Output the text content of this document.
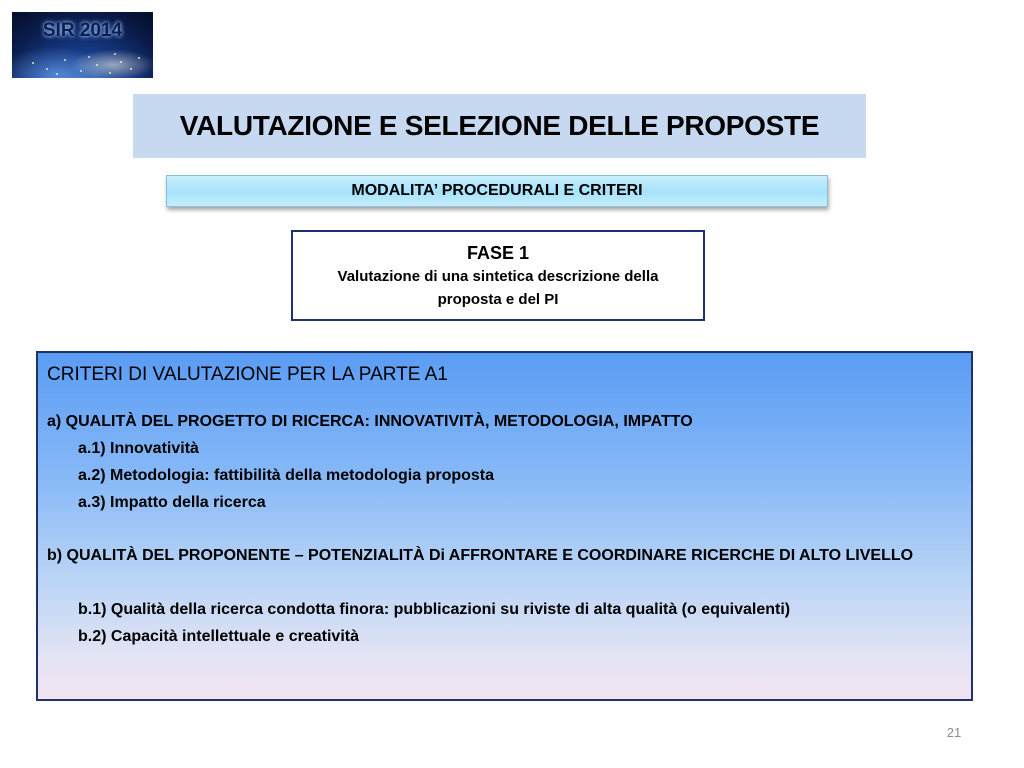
SIR 2014
VALUTAZIONE E SELEZIONE DELLE PROPOSTE
MODALITA’ PROCEDURALI E CRITERI
FASE 1
Valutazione di una sintetica descrizione della proposta e del PI
CRITERI DI VALUTAZIONE PER LA PARTE A1
a) QUALITÀ DEL PROGETTO DI RICERCA: INNOVATIVITÀ, METODOLOGIA, IMPATTO
a.1) Innovatività
a.2) Metodologia: fattibilità della metodologia proposta
a.3) Impatto della ricerca
b) QUALITÀ DEL PROPONENTE – POTENZIALITÀ Di AFFRONTARE E COORDINARE RICERCHE DI ALTO LIVELLO
b.1) Qualità della ricerca condotta finora: pubblicazioni su riviste di alta qualità (o equivalenti)
b.2) Capacità intellettuale e creatività
21
